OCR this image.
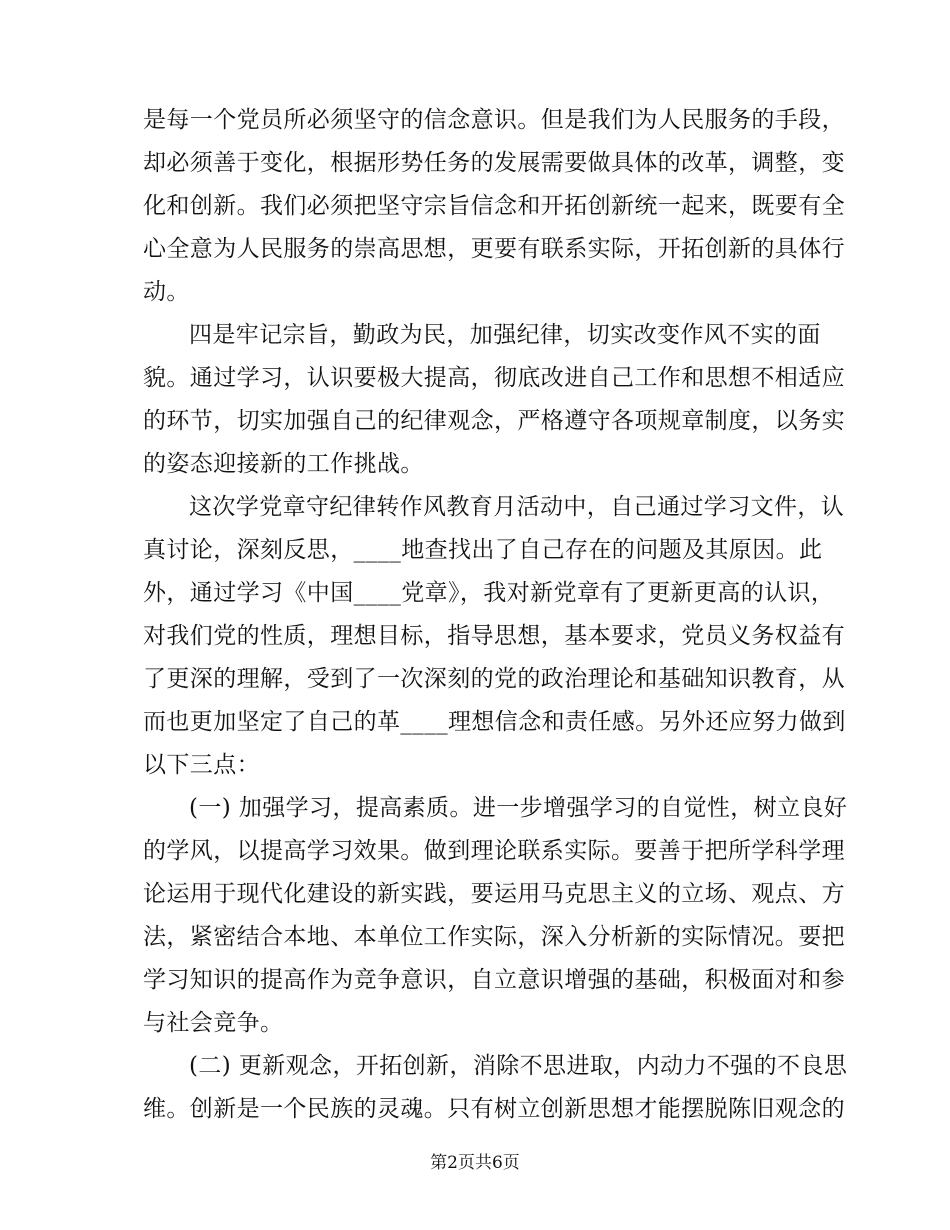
是每一个党员所必须坚守的信念意识。但是我们为人民服务的手段，
却必须善于变化，根据形势任务的发展需要做具体的改革，调整，变
化和创新。我们必须把坚守宗旨信念和开拓创新统一起来，既要有全
心全意为人民服务的崇高思想，更要有联系实际，开拓创新的具体行
动。
四是牢记宗旨，勤政为民，加强纪律，切实改变作风不实的面
貌。通过学习，认识要极大提高，彻底改进自己工作和思想不相适应
的环节，切实加强自己的纪律观念，严格遵守各项规章制度，以务实
的姿态迎接新的工作挑战。
这次学党章守纪律转作风教育月活动中，自己通过学习文件，认
真讨论，深刻反思，____地查找出了自己存在的问题及其原因。此
外，通过学习《中国____党章》，我对新党章有了更新更高的认识，
对我们党的性质，理想目标，指导思想，基本要求，党员义务权益有
了更深的理解，受到了一次深刻的党的政治理论和基础知识教育，从
而也更加坚定了自己的革____理想信念和责任感。另外还应努力做到
以下三点：
(一) 加强学习，提高素质。进一步增强学习的自觉性，树立良好
的学风，以提高学习效果。做到理论联系实际。要善于把所学科学理
论运用于现代化建设的新实践，要运用马克思主义的立场、观点、方
法，紧密结合本地、本单位工作实际，深入分析新的实际情况。要把
学习知识的提高作为竞争意识，自立意识增强的基础，积极面对和参
与社会竞争。
(二) 更新观念，开拓创新，消除不思进取，内动力不强的不良思
维。创新是一个民族的灵魂。只有树立创新思想才能摆脱陈旧观念的
第2页共6页
